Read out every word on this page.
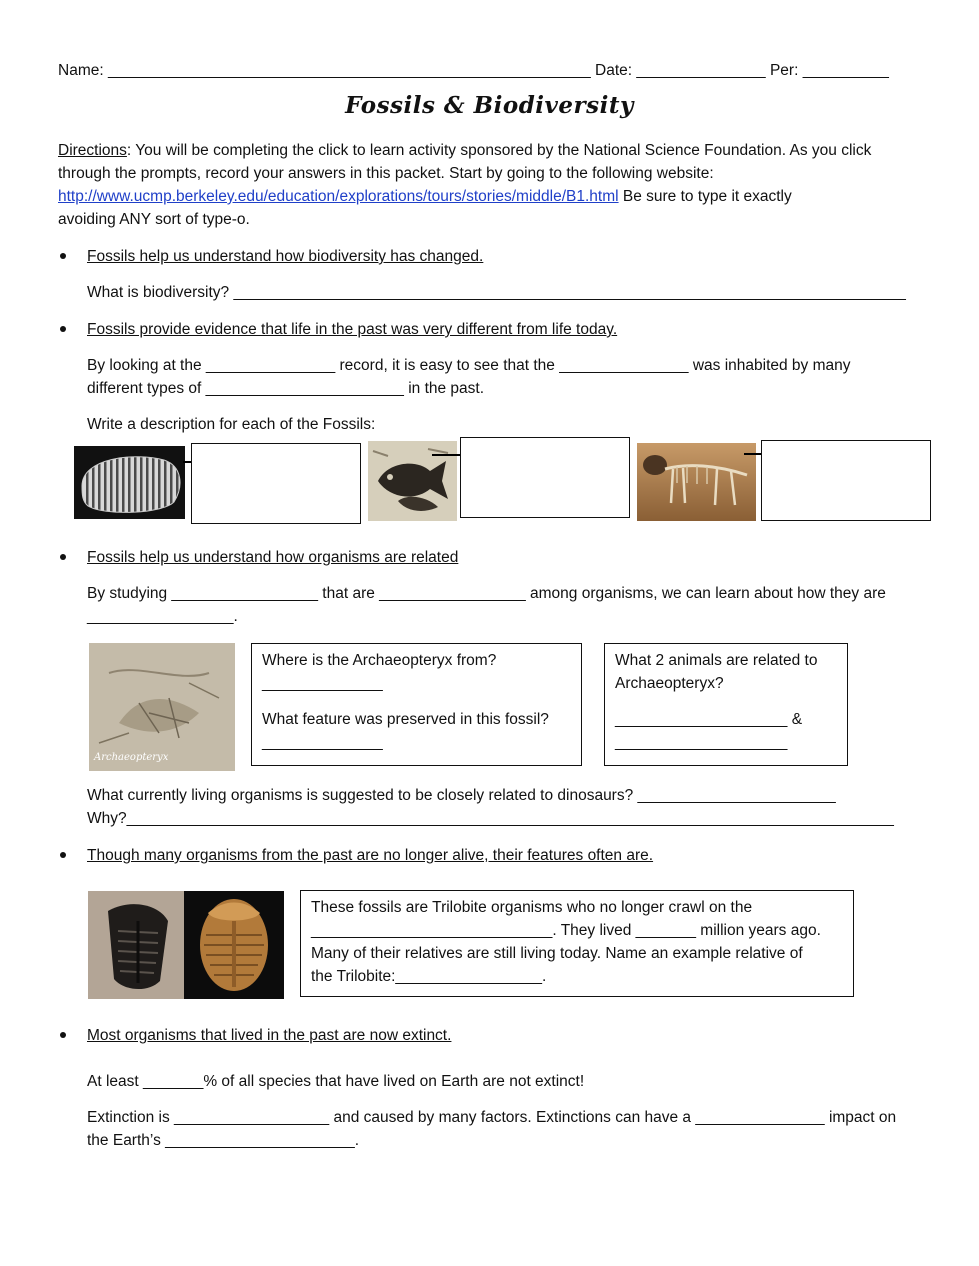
Name: ________________________________________________________ Date: _______________ Per: __________
Fossils & Biodiversity
Directions: You will be completing the click to learn activity sponsored by the National Science Foundation. As you click
through the prompts, record your answers in this packet. Start by going to the following website:
http://www.ucmp.berkeley.edu/education/explorations/tours/stories/middle/B1.html Be sure to type it exactly
avoiding ANY sort of type-o.
Fossils help us understand how biodiversity has changed.
What is biodiversity? ______________________________________________________________________________
Fossils provide evidence that life in the past was very different from life today.
By looking at the _______________ record, it is easy to see that the _______________ was inhabited by many
different types of _______________________ in the past.
Write a description for each of the Fossils:
Fossils help us understand how organisms are related
By studying _________________ that are _________________ among organisms, we can learn about how they are
_________________.
Archaeopteryx
Where is the Archaeopteryx from?
______________
What feature was preserved in this fossil?
______________
What 2 animals are related to
Archaeopteryx?
____________________ &
____________________
What currently living organisms is suggested to be closely related to dinosaurs? _______________________
Why?_________________________________________________________________________________________
Though many organisms from the past are no longer alive, their features often are.
These fossils are Trilobite organisms who no longer crawl on the
____________________________. They lived _______ million years ago.
Many of their relatives are still living today. Name an example relative of
the Trilobite:_________________.
Most organisms that lived in the past are now extinct.
At least _______% of all species that have lived on Earth are not extinct!
Extinction is __________________ and caused by many factors. Extinctions can have a _______________ impact on
the Earth’s ______________________.
